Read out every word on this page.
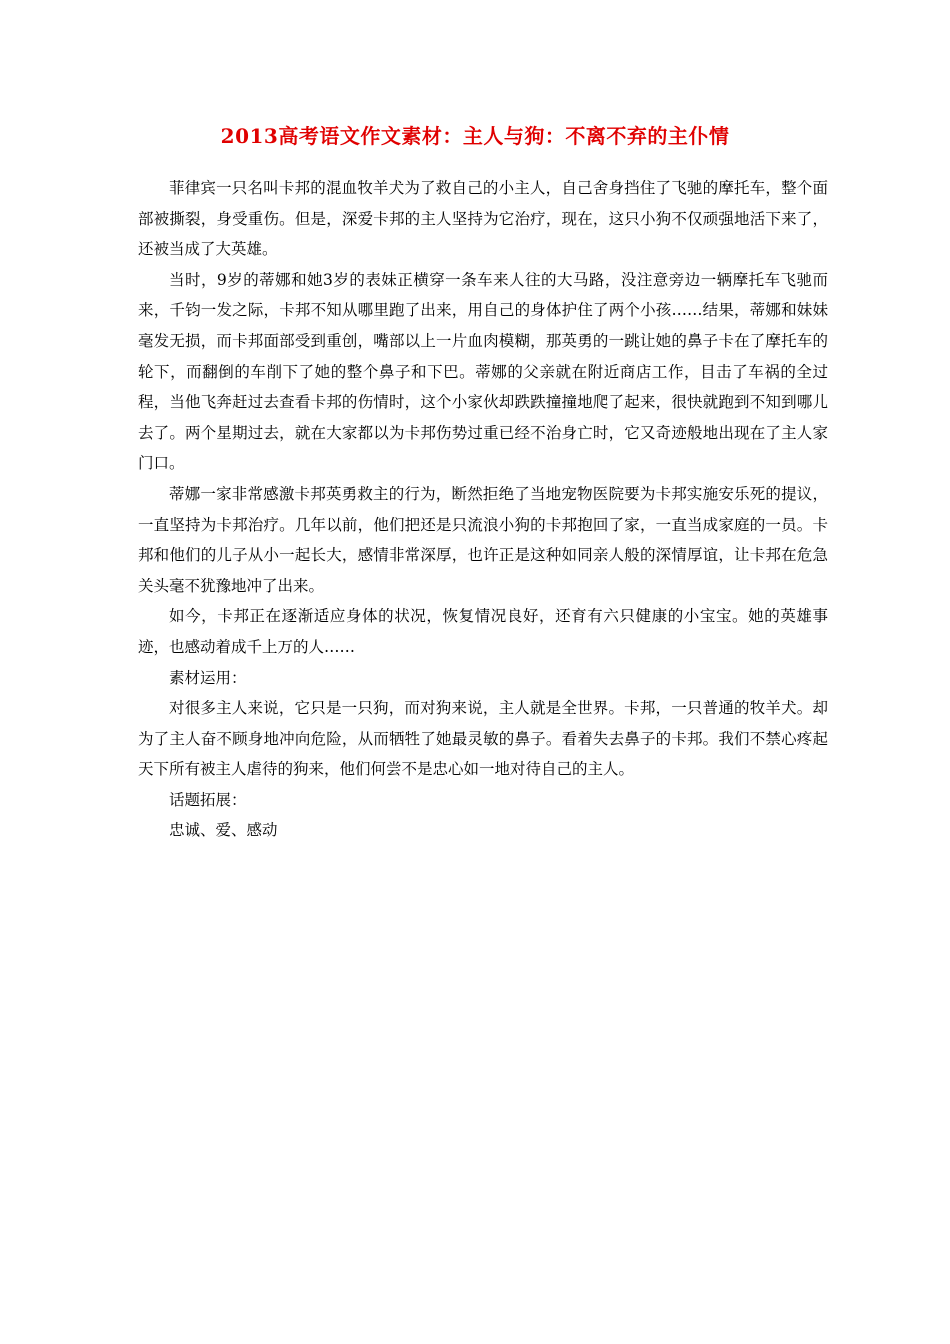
2013高考语文作文素材：主人与狗：不离不弃的主仆情

菲律宾一只名叫卡邦的混血牧羊犬为了救自己的小主人，自己舍身挡住了飞驰的摩托车，整个面部被撕裂，身受重伤。但是，深爱卡邦的主人坚持为它治疗，现在，这只小狗不仅顽强地活下来了，还被当成了大英雄。

当时，9岁的蒂娜和她3岁的表妹正横穿一条车来人往的大马路，没注意旁边一辆摩托车飞驰而来，千钧一发之际，卡邦不知从哪里跑了出来，用自己的身体护住了两个小孩……结果，蒂娜和妹妹毫发无损，而卡邦面部受到重创，嘴部以上一片血肉模糊，那英勇的一跳让她的鼻子卡在了摩托车的轮下，而翻倒的车削下了她的整个鼻子和下巴。蒂娜的父亲就在附近商店工作，目击了车祸的全过程，当他飞奔赶过去查看卡邦的伤情时，这个小家伙却跌跌撞撞地爬了起来，很快就跑到不知到哪儿去了。两个星期过去，就在大家都以为卡邦伤势过重已经不治身亡时，它又奇迹般地出现在了主人家门口。

蒂娜一家非常感激卡邦英勇救主的行为，断然拒绝了当地宠物医院要为卡邦实施安乐死的提议，一直坚持为卡邦治疗。几年以前，他们把还是只流浪小狗的卡邦抱回了家，一直当成家庭的一员。卡邦和他们的儿子从小一起长大，感情非常深厚，也许正是这种如同亲人般的深情厚谊，让卡邦在危急关头毫不犹豫地冲了出来。

如今，卡邦正在逐渐适应身体的状况，恢复情况良好，还育有六只健康的小宝宝。她的英雄事迹，也感动着成千上万的人……

素材运用：

对很多主人来说，它只是一只狗，而对狗来说，主人就是全世界。卡邦，一只普通的牧羊犬。却为了主人奋不顾身地冲向危险，从而牺牲了她最灵敏的鼻子。看着失去鼻子的卡邦。我们不禁心疼起天下所有被主人虐待的狗来，他们何尝不是忠心如一地对待自己的主人。

话题拓展：

忠诚、爱、感动
